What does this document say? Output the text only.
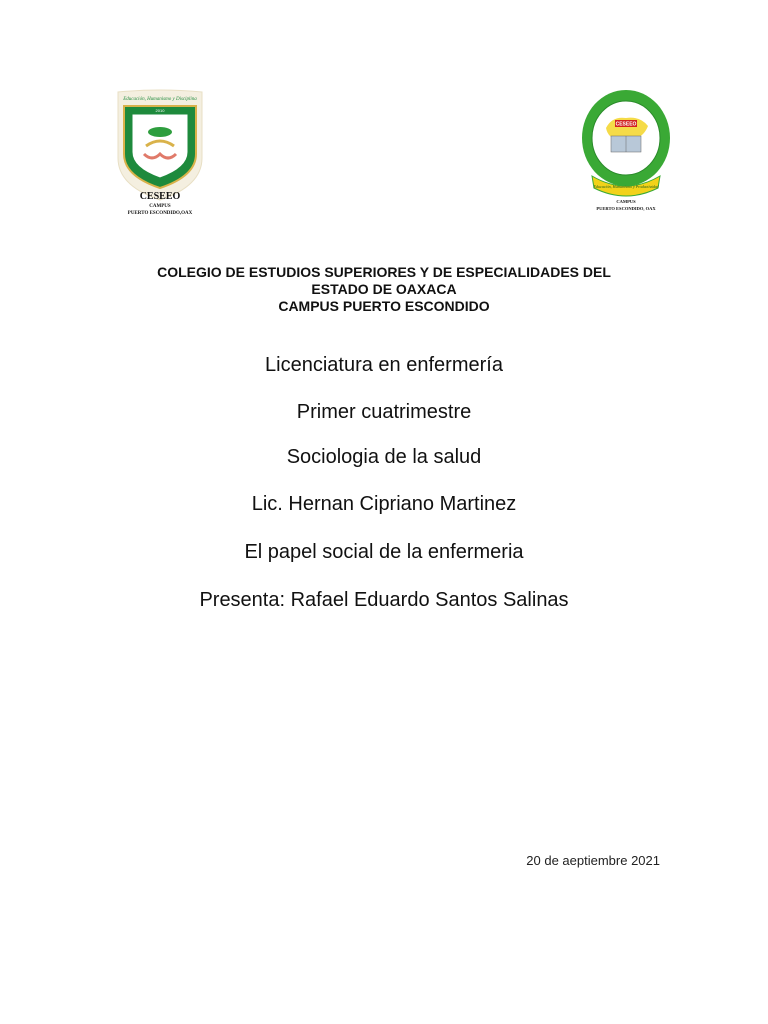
Educación, Humanismo y Disciplina
2010
CESEEO
CAMPUS
PUERTO ESCONDIDO,OAX
CESEEO
Educación, Humanismo y Productividad
CAMPUS
PUERTO ESCONDIDO, OAX
COLEGIO DE ESTUDIOS SUPERIORES Y DE ESPECIALIDADES DEL
ESTADO DE OAXACA
CAMPUS PUERTO ESCONDIDO
Licenciatura en enfermería
Primer cuatrimestre
Sociologia de la salud
Lic. Hernan Cipriano Martinez
El papel social de la enfermeria
Presenta: Rafael Eduardo Santos Salinas
20 de aeptiembre 2021
